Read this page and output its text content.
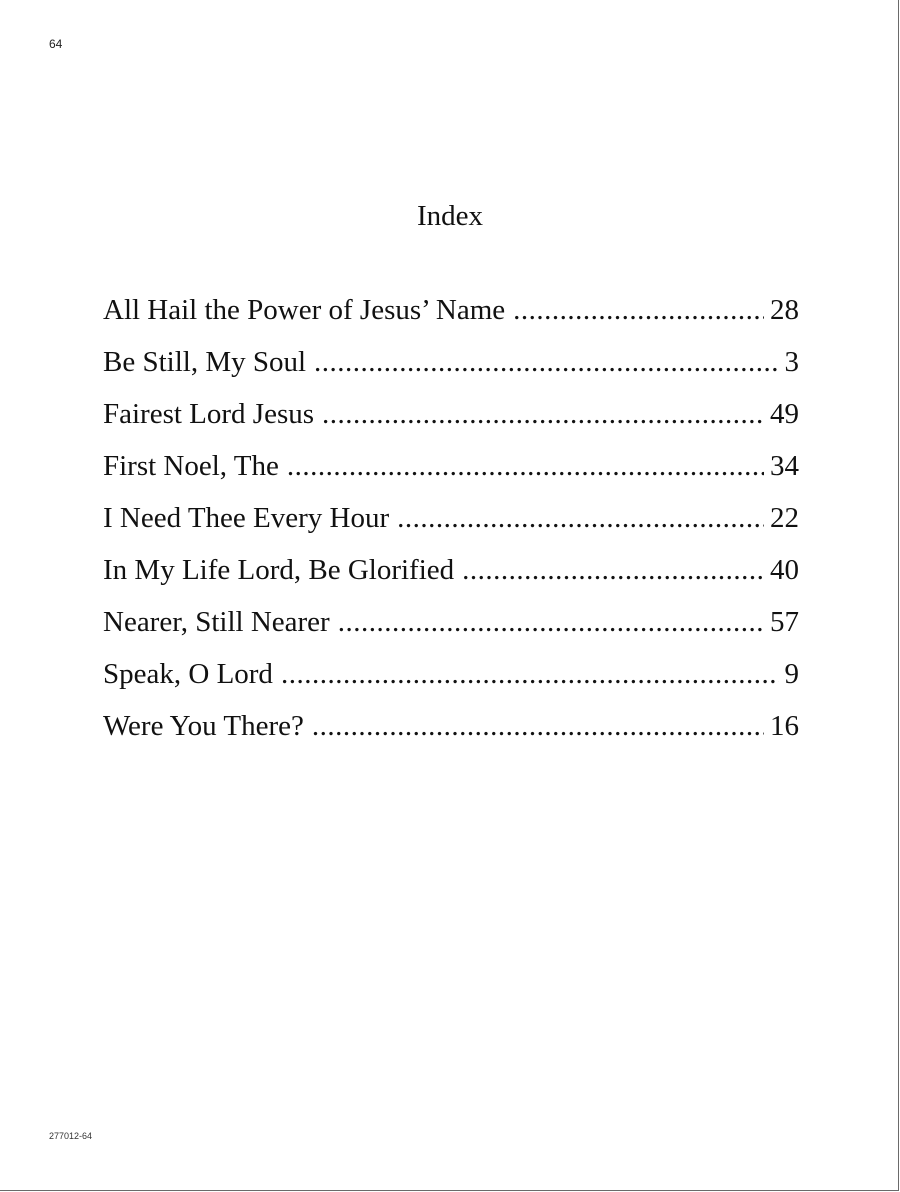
64
Index
All Hail the Power of Jesus’ Name .....	28
Be Still, My Soul .....	3
Fairest Lord Jesus .....	49
First Noel, The .....	34
I Need Thee Every Hour .....	22
In My Life Lord, Be Glorified .....	40
Nearer, Still Nearer .....	57
Speak, O Lord .....	9
Were You There? .....	16
277012-64
